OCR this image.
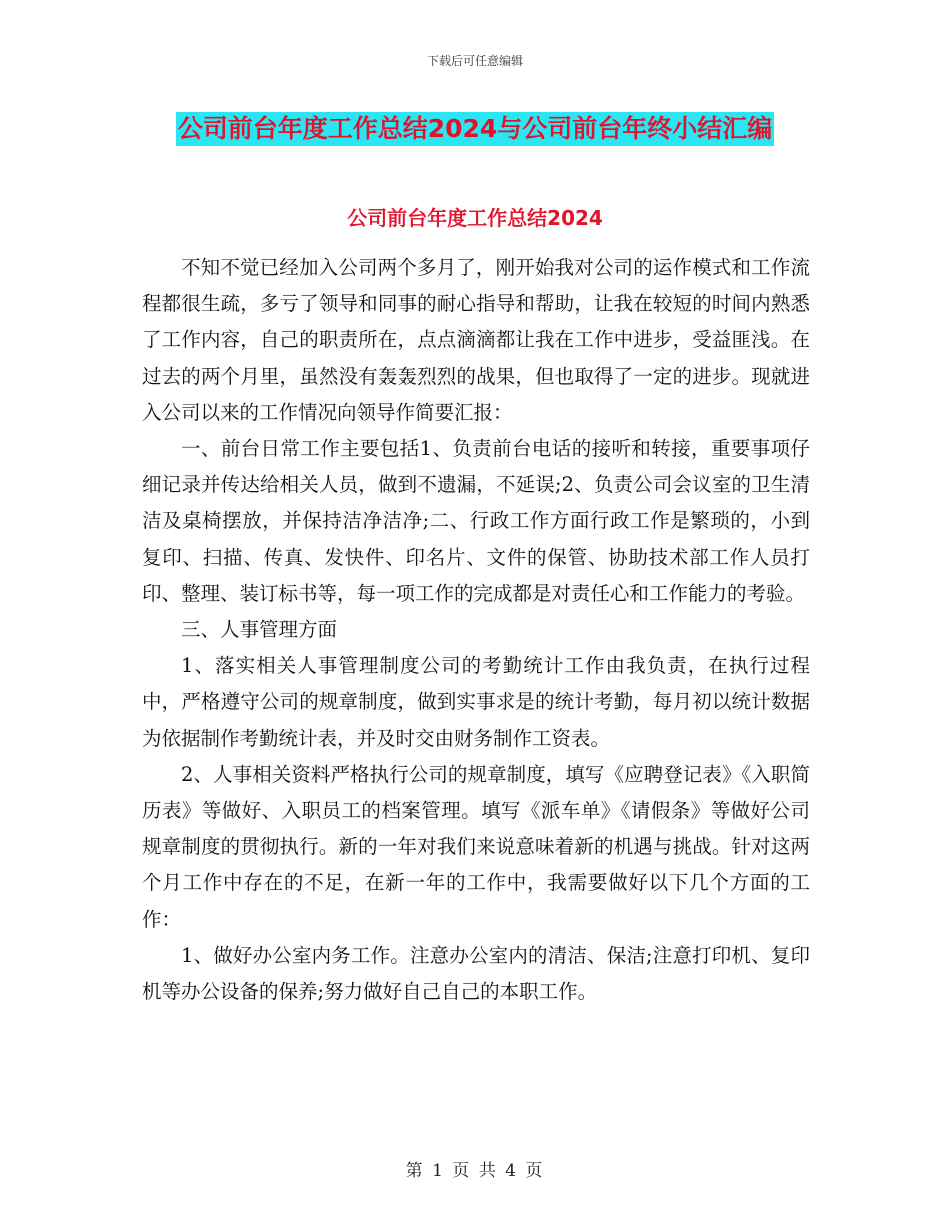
下载后可任意编辑
公司前台年度工作总结2024与公司前台年终小结汇编
公司前台年度工作总结2024

不知不觉已经加入公司两个多月了，刚开始我对公司的运作模式和工作流程都很生疏，多亏了领导和同事的耐心指导和帮助，让我在较短的时间内熟悉了工作内容，自己的职责所在，点点滴滴都让我在工作中进步，受益匪浅。在过去的两个月里，虽然没有轰轰烈烈的战果，但也取得了一定的进步。现就进入公司以来的工作情况向领导作简要汇报：

一、前台日常工作主要包括1、负责前台电话的接听和转接，重要事项仔细记录并传达给相关人员，做到不遗漏，不延误;2、负责公司会议室的卫生清洁及桌椅摆放，并保持洁净洁净;二、行政工作方面行政工作是繁琐的，小到复印、扫描、传真、发快件、印名片、文件的保管、协助技术部工作人员打印、整理、装订标书等，每一项工作的完成都是对责任心和工作能力的考验。

三、人事管理方面

1、落实相关人事管理制度公司的考勤统计工作由我负责，在执行过程中，严格遵守公司的规章制度，做到实事求是的统计考勤，每月初以统计数据为依据制作考勤统计表，并及时交由财务制作工资表。

2、人事相关资料严格执行公司的规章制度，填写《应聘登记表》《入职简历表》等做好、入职员工的档案管理。填写《派车单》《请假条》等做好公司规章制度的贯彻执行。新的一年对我们来说意味着新的机遇与挑战。针对这两个月工作中存在的不足，在新一年的工作中，我需要做好以下几个方面的工作：

1、做好办公室内务工作。注意办公室内的清洁、保洁;注意打印机、复印机等办公设备的保养;努力做好自己自己的本职工作。

第 1 页 共 4 页
